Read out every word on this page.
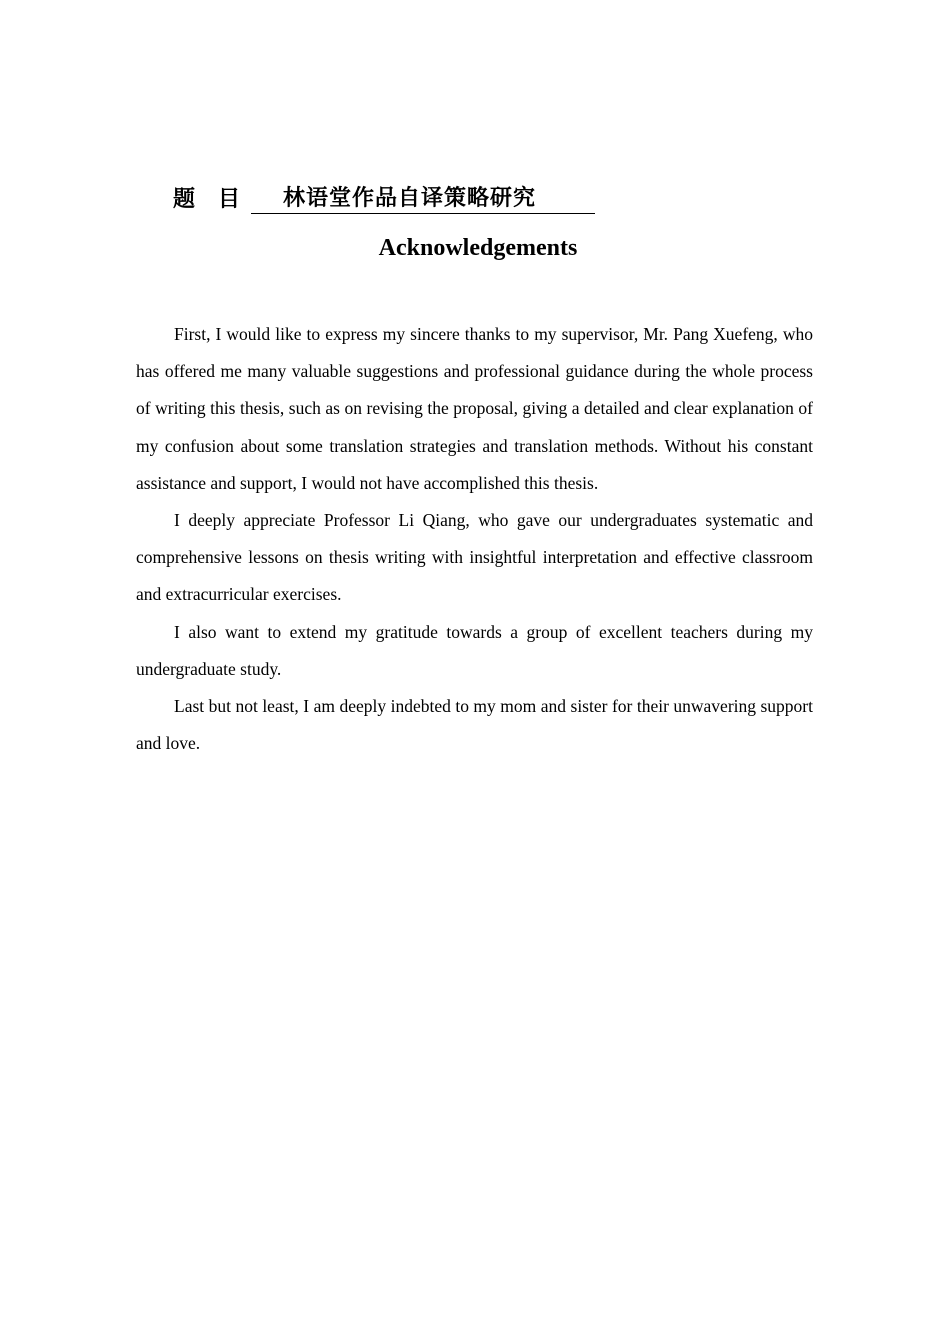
题   目	林语堂作品自译策略研究
Acknowledgements

First, I would like to express my sincere thanks to my supervisor, Mr. Pang Xuefeng, who has offered me many valuable suggestions and professional guidance during the whole process of writing this thesis, such as on revising the proposal, giving a detailed and clear explanation of my confusion about some translation strategies and translation methods. Without his constant assistance and support, I would not have accomplished this thesis.

I deeply appreciate Professor Li Qiang, who gave our undergraduates systematic and comprehensive lessons on thesis writing with insightful interpretation and effective classroom and extracurricular exercises.

I also want to extend my gratitude towards a group of excellent teachers during my undergraduate study.

Last but not least, I am deeply indebted to my mom and sister for their unwavering support and love.
